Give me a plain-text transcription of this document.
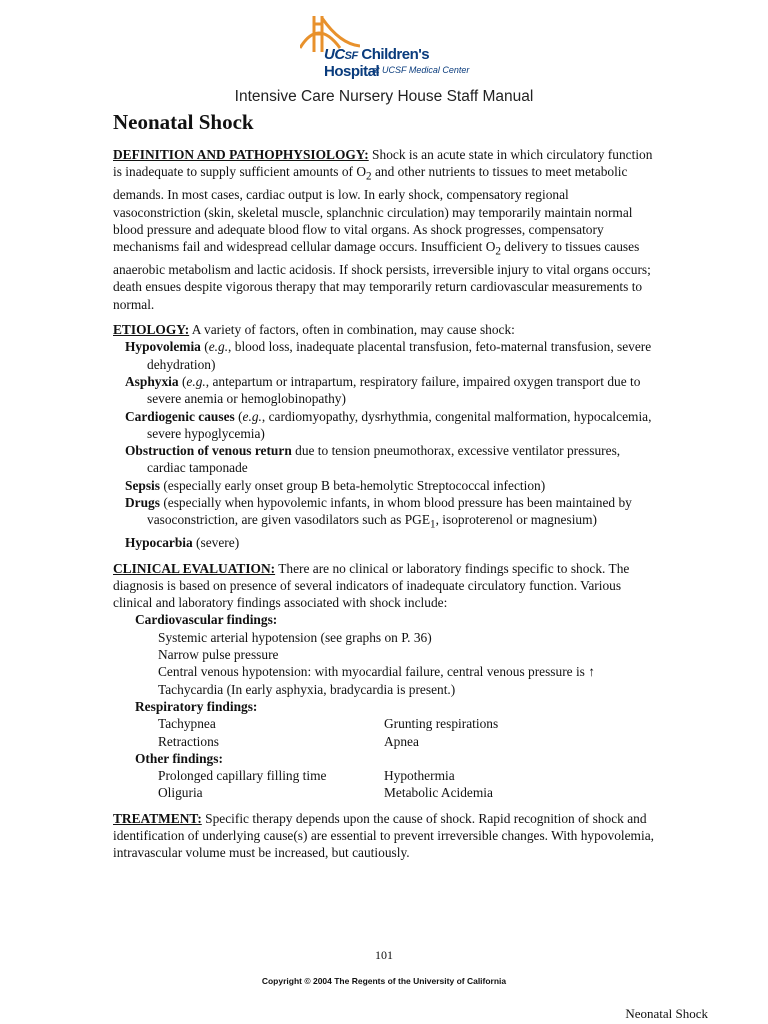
UCSF Children's Hospital
at UCSF Medical Center
Intensive Care Nursery House Staff Manual
Neonatal Shock

DEFINITION AND PATHOPHYSIOLOGY: Shock is an acute state in which circulatory function is inadequate to supply sufficient amounts of $O_2$ and other nutrients to tissues to meet metabolic demands. In most cases, cardiac output is low. In early shock, compensatory regional vasoconstriction (skin, skeletal muscle, splanchnic circulation) may temporarily maintain normal blood pressure and adequate blood flow to vital organs. As shock progresses, compensatory mechanisms fail and widespread cellular damage occurs. Insufficient $O_2$ delivery to tissues causes anaerobic metabolism and lactic acidosis. If shock persists, irreversible injury to vital organs occurs; death ensues despite vigorous therapy that may temporarily return cardiovascular measurements to normal.

ETIOLOGY: A variety of factors, often in combination, may cause shock:
Hypovolemia (e.g., blood loss, inadequate placental transfusion, feto-maternal transfusion, severe dehydration)
Asphyxia (e.g., antepartum or intrapartum, respiratory failure, impaired oxygen transport due to severe anemia or hemoglobinopathy)
Cardiogenic causes (e.g., cardiomyopathy, dysrhythmia, congenital malformation, hypocalcemia, severe hypoglycemia)
Obstruction of venous return due to tension pneumothorax, excessive ventilator pressures, cardiac tamponade
Sepsis (especially early onset group B beta-hemolytic Streptococcal infection)
Drugs (especially when hypovolemic infants, in whom blood pressure has been maintained by vasoconstriction, are given vasodilators such as $PGE_1$, isoproterenol or magnesium)
Hypocarbia (severe)
CLINICAL EVALUATION: There are no clinical or laboratory findings specific to shock. The diagnosis is based on presence of several indicators of inadequate circulatory function. Various clinical and laboratory findings associated with shock include:
Cardiovascular findings:
Systemic arterial hypotension (see graphs on P. 36)
Narrow pulse pressure
Central venous hypotension: with myocardial failure, central venous pressure is ↑
Tachycardia (In early asphyxia, bradycardia is present.)
Respiratory findings:
Tachypnea	Grunting respirations
Retractions	Apnea
Other findings:
Prolonged capillary filling time	Hypothermia
Oliguria	Metabolic Acidemia

TREATMENT: Specific therapy depends upon the cause of shock. Rapid recognition of shock and identification of underlying cause(s) are essential to prevent irreversible changes. With hypovolemia, intravascular volume must be increased, but cautiously.

101
Copyright © 2004 The Regents of the University of California
Neonatal Shock
